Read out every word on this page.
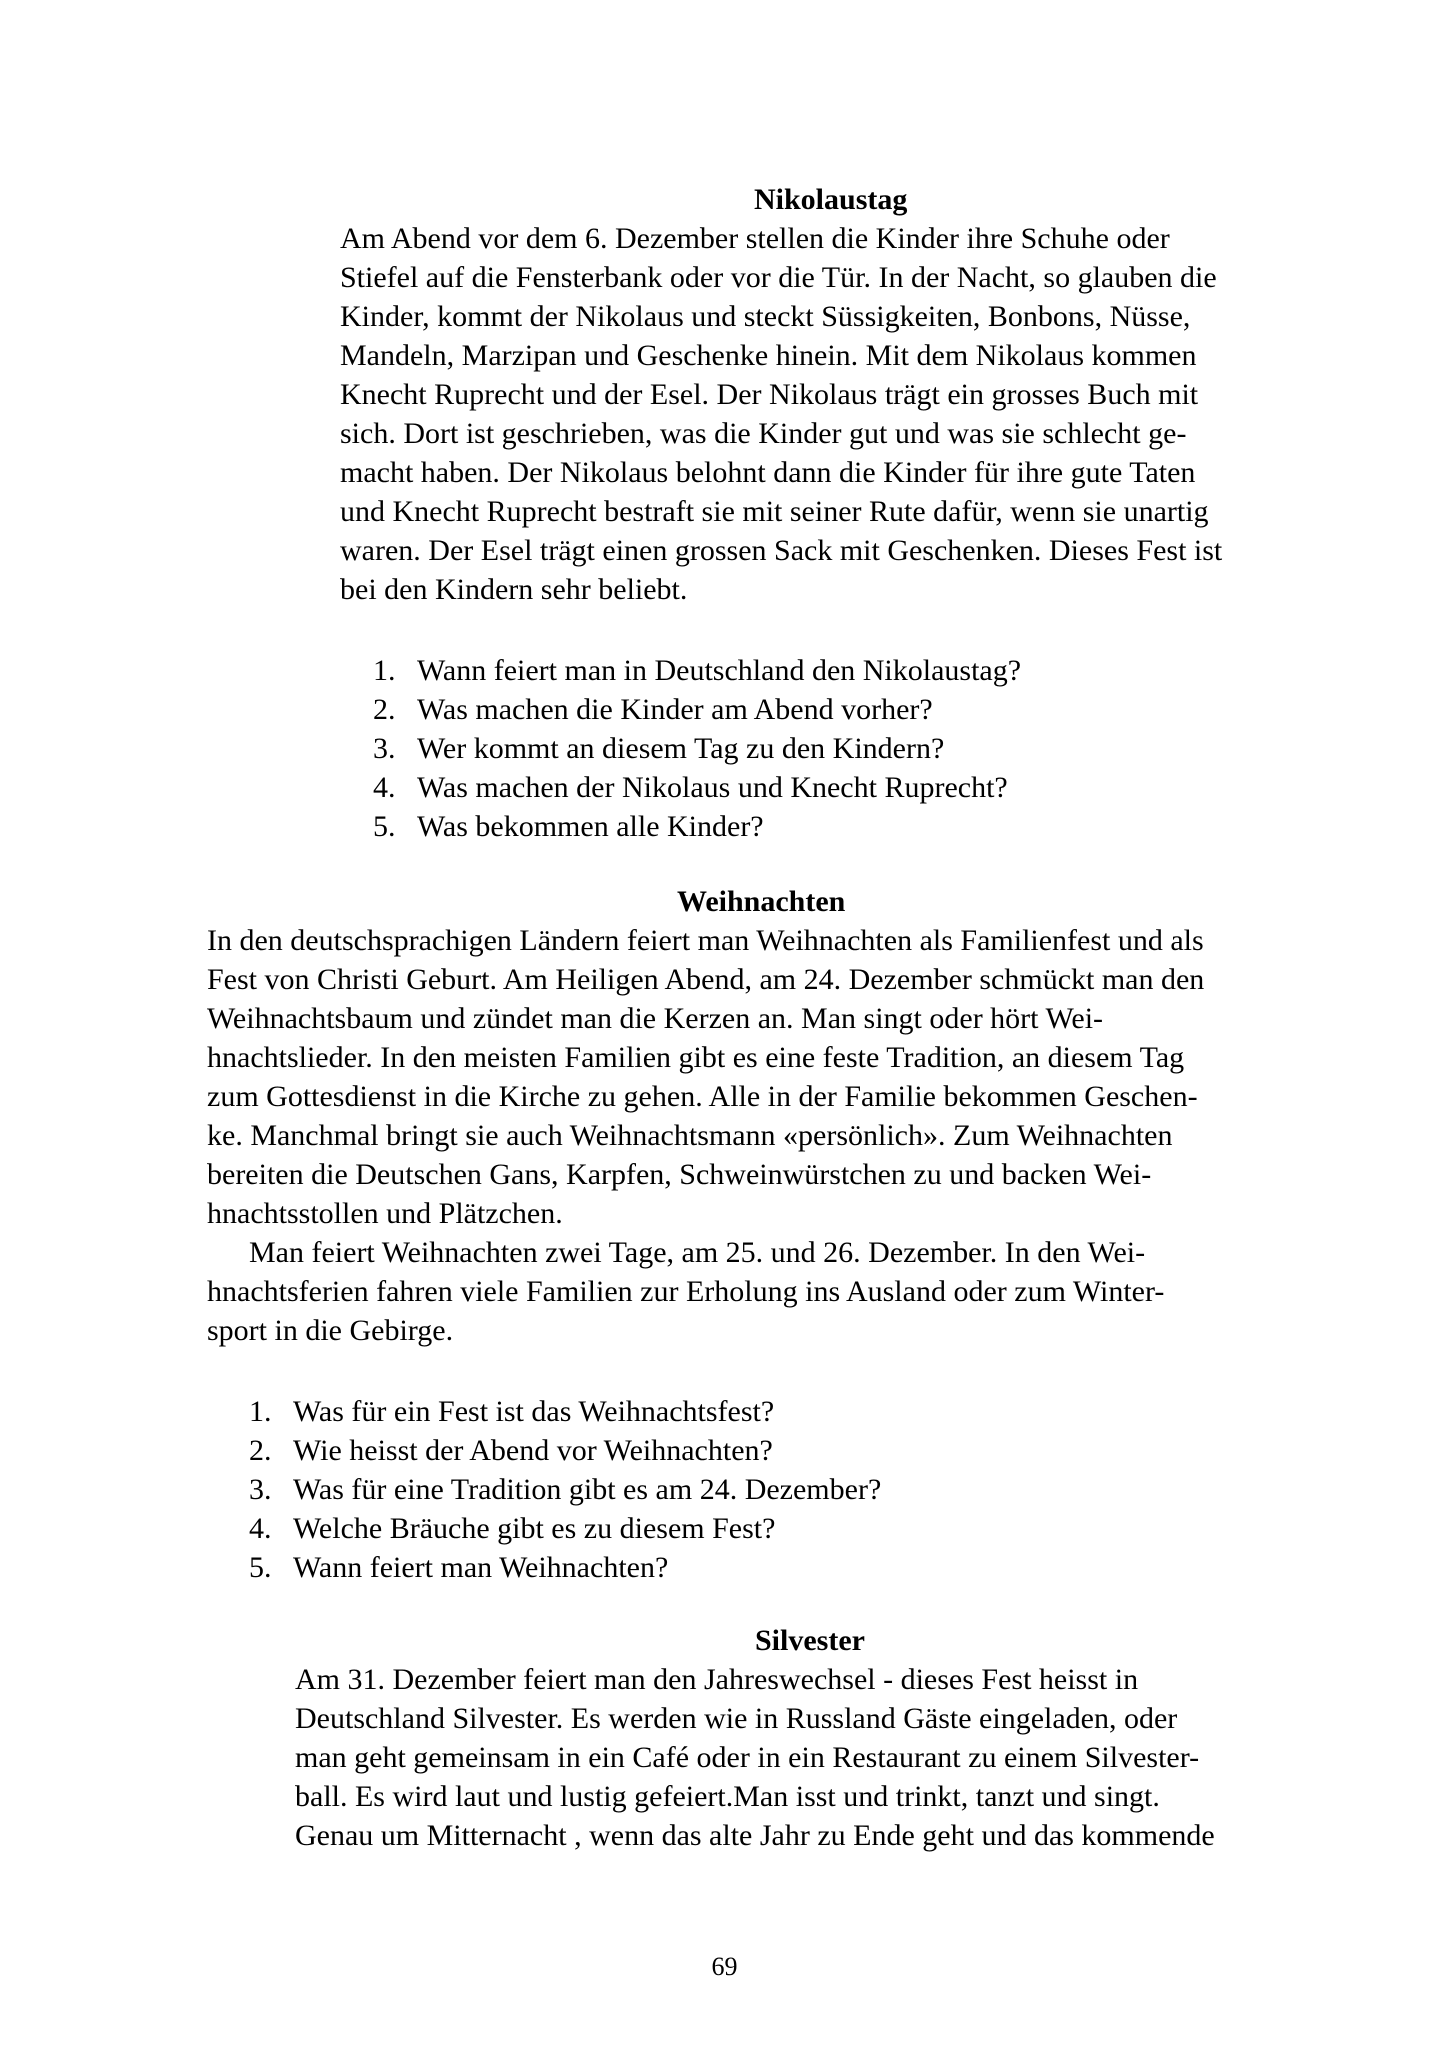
Nikolaustag
Am Abend vor dem 6. Dezember stellen die Kinder ihre Schuhe oder
Stiefel auf die Fensterbank oder vor die Tür. In der Nacht, so glauben die
Kinder, kommt der Nikolaus und steckt Süssigkeiten, Bonbons, Nüsse,
Mandeln, Marzipan und Geschenke hinein. Mit dem Nikolaus kommen
Knecht Ruprecht und der Esel. Der Nikolaus trägt ein grosses Buch mit
sich. Dort ist geschrieben, was die Kinder gut und was sie schlecht ge-
macht haben. Der Nikolaus belohnt dann die Kinder für ihre gute Taten
und Knecht Ruprecht bestraft sie mit seiner Rute dafür, wenn sie unartig
waren. Der Esel trägt einen grossen Sack mit Geschenken. Dieses Fest ist
bei den Kindern sehr beliebt.
1. Wann feiert man in Deutschland den Nikolaustag?
2. Was machen die Kinder am Abend vorher?
3. Wer kommt an diesem Tag zu den Kindern?
4. Was machen der Nikolaus und Knecht Ruprecht?
5. Was bekommen alle Kinder?
Weihnachten
In den deutschsprachigen Ländern feiert man Weihnachten als Familienfest und als
Fest von Christi Geburt. Am Heiligen Abend, am 24. Dezember schmückt man den
Weihnachtsbaum und zündet man die Kerzen an. Man singt oder hört Wei-
hnachtslieder. In den meisten Familien gibt es eine feste Tradition, an diesem Tag
zum Gottesdienst in die Kirche zu gehen. Alle in der Familie bekommen Geschen-
ke. Manchmal bringt sie auch Weihnachtsmann «persönlich». Zum Weihnachten
bereiten die Deutschen Gans, Karpfen, Schweinwürstchen zu und backen Wei-
hnachtsstollen und Plätzchen.
Man feiert Weihnachten zwei Tage, am 25. und 26. Dezember. In den Wei-
hnachtsferien fahren viele Familien zur Erholung ins Ausland oder zum Winter-
sport in die Gebirge.
1. Was für ein Fest ist das Weihnachtsfest?
2. Wie heisst der Abend vor Weihnachten?
3. Was für eine Tradition gibt es am 24. Dezember?
4. Welche Bräuche gibt es zu diesem Fest?
5. Wann feiert man Weihnachten?
Silvester
Am 31. Dezember feiert man den Jahreswechsel - dieses Fest heisst in
Deutschland Silvester. Es werden wie in Russland Gäste eingeladen, oder
man geht gemeinsam in ein Café oder in ein Restaurant zu einem Silvester-
ball. Es wird laut und lustig gefeiert.Man isst und trinkt, tanzt und singt.
Genau um Mitternacht , wenn das alte Jahr zu Ende geht und das kommende

69
